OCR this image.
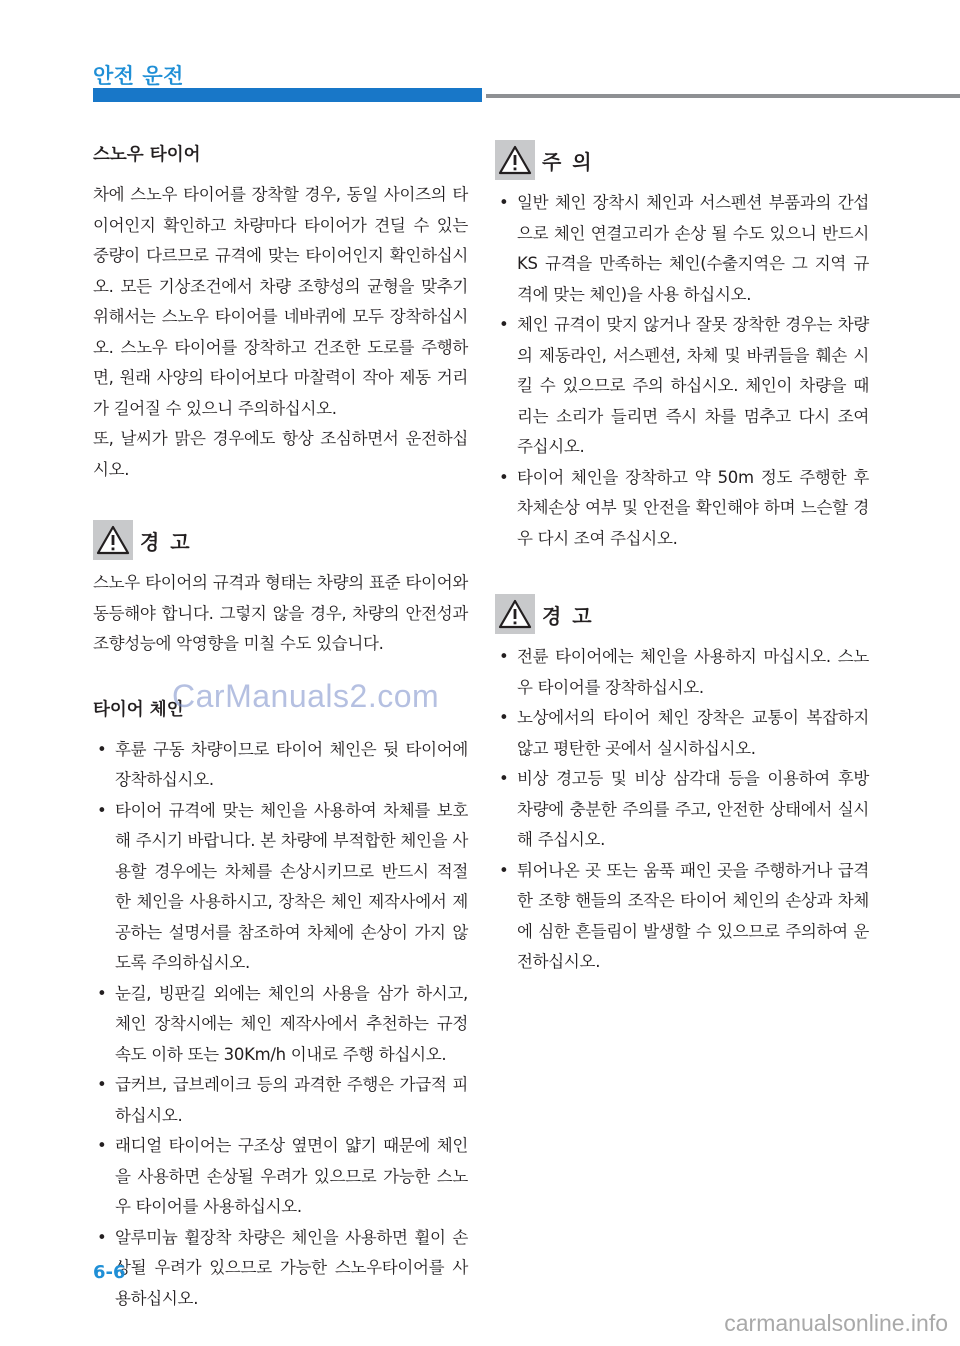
안전 운전
스노우 타이어

차에 스노우 타이어를 장착할 경우, 동일 사이즈의 타이어인지 확인하고 차량마다 타이어가 견딜 수 있는 중량이 다르므로 규격에 맞는 타이어인지 확인하십시오. 모든 기상조건에서 차량 조향성의 균형을 맞추기 위해서는 스노우 타이어를 네바퀴에 모두 장착하십시오. 스노우 타이어를 장착하고 건조한 도로를 주행하면, 원래 사양의 타이어보다 마찰력이 작아 제동 거리가 길어질 수 있으니 주의하십시오.

또, 날씨가 맑은 경우에도 항상 조심하면서 운전하십시오.

경 고

스노우 타이어의 규격과 형태는 차량의 표준 타이어와 동등해야 합니다. 그렇지 않을 경우, 차량의 안전성과 조향성능에 악영향을 미칠 수도 있습니다.

타이어 체인
• 후륜 구동 차량이므로 타이어 체인은 뒷 타이어에 장착하십시오.
• 타이어 규격에 맞는 체인을 사용하여 차체를 보호해 주시기 바랍니다. 본 차량에 부적합한 체인을 사용할 경우에는 차체를 손상시키므로 반드시 적절한 체인을 사용하시고, 장착은 체인 제작사에서 제공하는 설명서를 참조하여 차체에 손상이 가지 않도록 주의하십시오.
• 눈길, 빙판길 외에는 체인의 사용을 삼가 하시고, 체인 장착시에는 체인 제작사에서 추천하는 규정 속도 이하 또는 30Km/h 이내로 주행 하십시오.
• 급커브, 급브레이크 등의 과격한 주행은 가급적 피하십시오.
• 래디얼 타이어는 구조상 옆면이 얇기 때문에 체인을 사용하면 손상될 우려가 있으므로 가능한 스노우 타이어를 사용하십시오.
• 알루미늄 휠장착 차량은 체인을 사용하면 휠이 손상될 우려가 있으므로 가능한 스노우타이어를 사용하십시오.
주 의
• 일반 체인 장착시 체인과 서스펜션 부품과의 간섭으로 체인 연결고리가 손상 될 수도 있으니 반드시 KS 규격을 만족하는 체인(수출지역은 그 지역 규격에 맞는 체인)을 사용 하십시오.
• 체인 규격이 맞지 않거나 잘못 장착한 경우는 차량의 제동라인, 서스펜션, 차체 및 바퀴들을 훼손 시킬 수 있으므로 주의 하십시오. 체인이 차량을 때리는 소리가 들리면 즉시 차를 멈추고 다시 조여 주십시오.
• 타이어 체인을 장착하고 약 50m 정도 주행한 후 차체손상 여부 및 안전을 확인해야 하며 느슨할 경우 다시 조여 주십시오.
경 고
• 전륜 타이어에는 체인을 사용하지 마십시오. 스노우 타이어를 장착하십시오.
• 노상에서의 타이어 체인 장착은 교통이 복잡하지 않고 평탄한 곳에서 실시하십시오.
• 비상 경고등 및 비상 삼각대 등을 이용하여 후방 차량에 충분한 주의를 주고, 안전한 상태에서 실시해 주십시오.
• 튀어나온 곳 또는 움푹 패인 곳을 주행하거나 급격한 조향 핸들의 조작은 타이어 체인의 손상과 차체에 심한 흔들림이 발생할 수 있으므로 주의하여 운전하십시오.
CarManuals2.com
6-6
carmanualsonline.info
